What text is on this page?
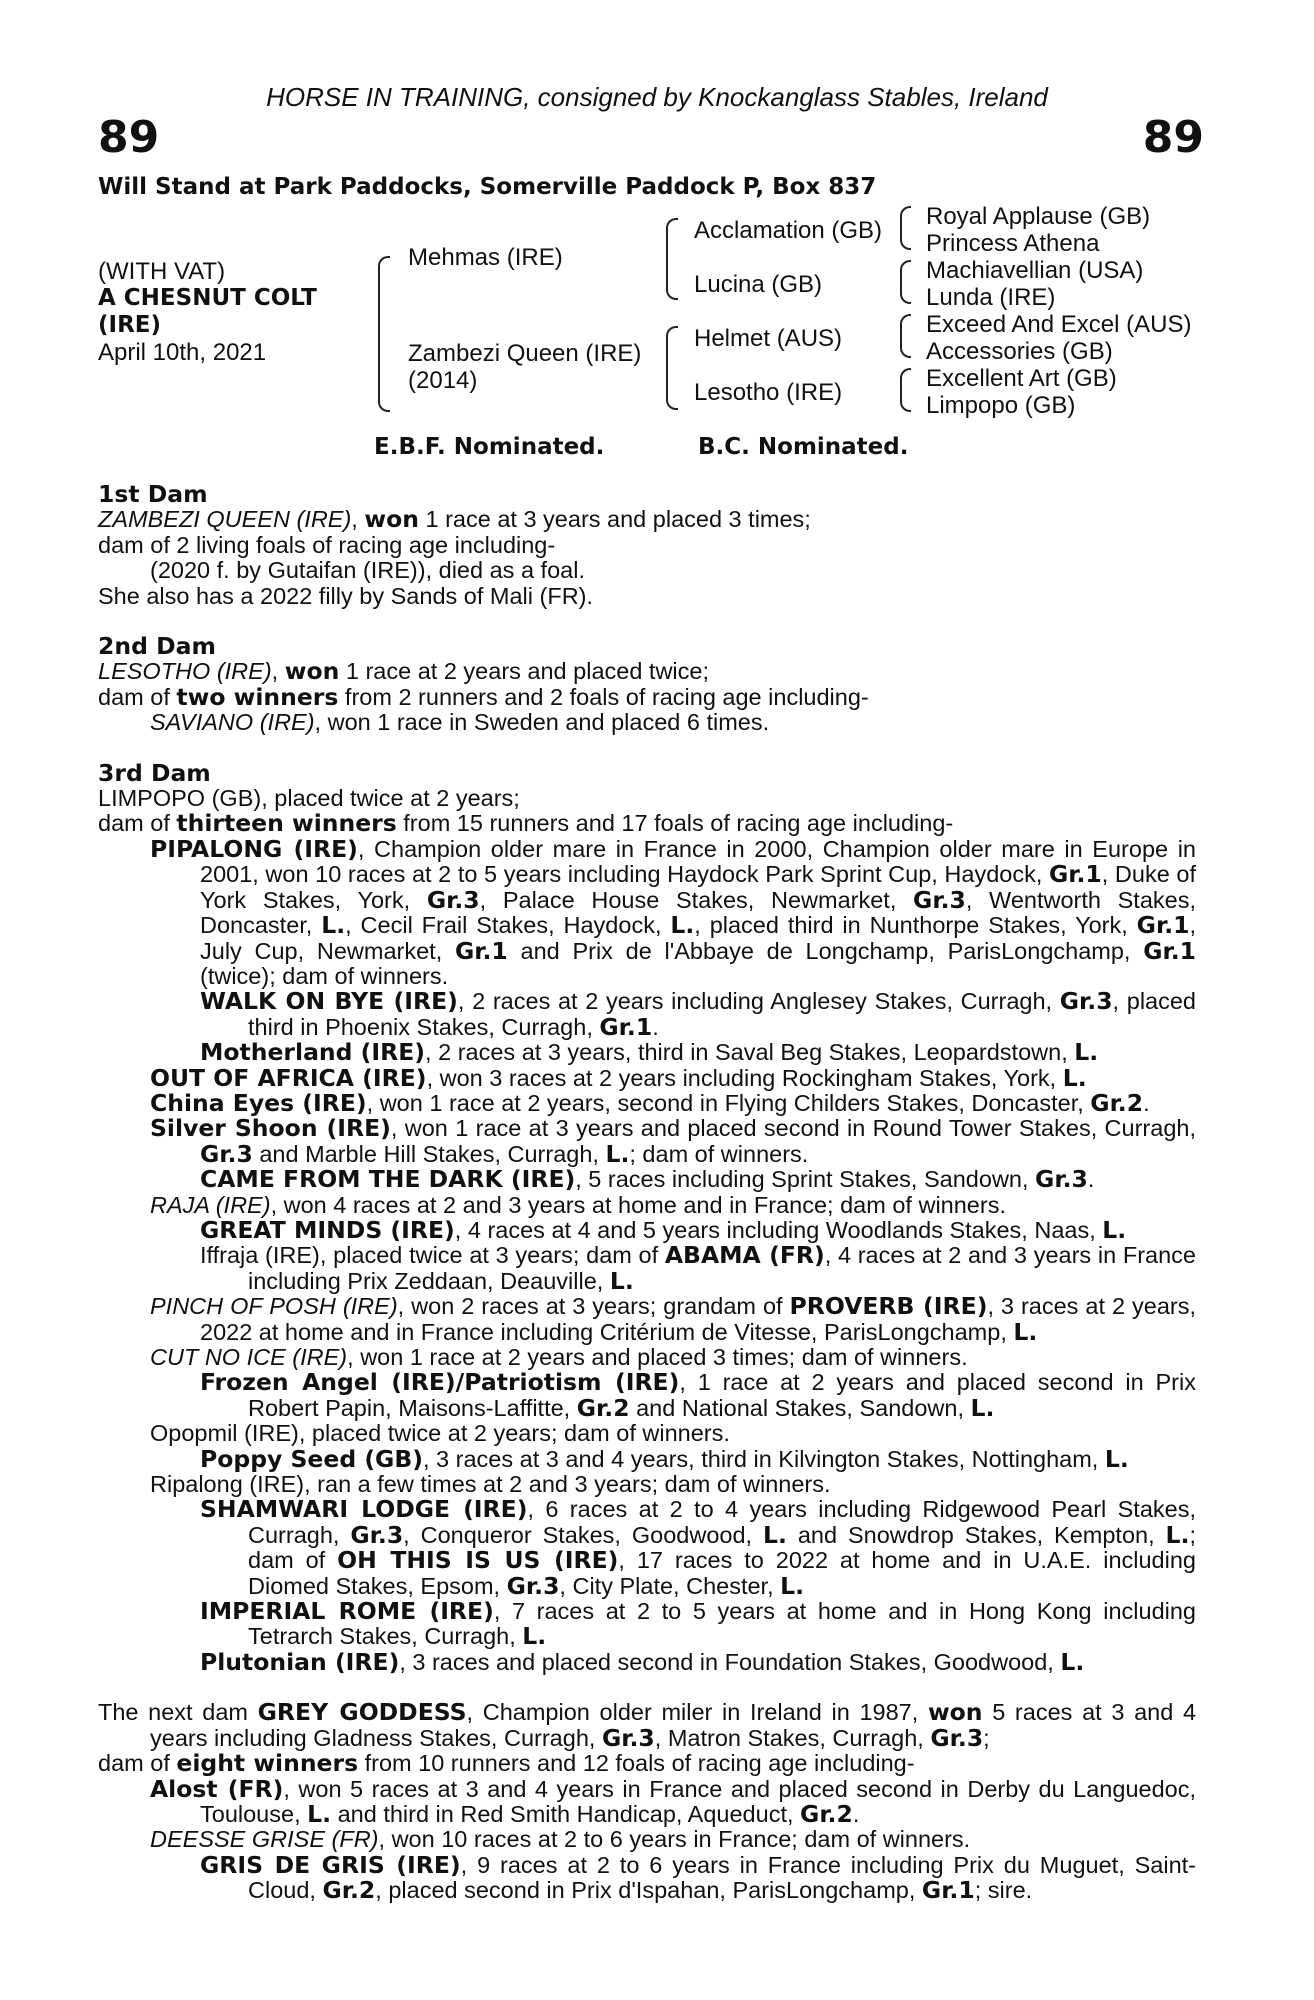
HORSE IN TRAINING, consigned by Knockanglass Stables, Ireland
89	89
Will Stand at Park Paddocks, Somerville Paddock P, Box 837
(WITH VAT)
A CHESNUT COLT
(IRE)
April 10th, 2021
Mehmas (IRE)
Zambezi Queen (IRE)
(2014)
Acclamation (GB)
Lucina (GB)
Helmet (AUS)
Lesotho (IRE)
Royal Applause (GB)
Princess Athena
Machiavellian (USA)
Lunda (IRE)
Exceed And Excel (AUS)
Accessories (GB)
Excellent Art (GB)
Limpopo (GB)
E.B.F. Nominated.	B.C. Nominated.

1st Dam

ZAMBEZI QUEEN (IRE), won 1 race at 3 years and placed 3 times;

dam of 2 living foals of racing age including-

(2020 f. by Gutaifan (IRE)), died as a foal.

She also has a 2022 filly by Sands of Mali (FR).

2nd Dam

LESOTHO (IRE), won 1 race at 2 years and placed twice;

dam of two winners from 2 runners and 2 foals of racing age including-

SAVIANO (IRE), won 1 race in Sweden and placed 6 times.

3rd Dam

LIMPOPO (GB), placed twice at 2 years;

dam of thirteen winners from 15 runners and 17 foals of racing age including-

PIPALONG (IRE), Champion older mare in France in 2000, Champion older mare in Europe in 2001, won 10 races at 2 to 5 years including Haydock Park Sprint Cup, Haydock, Gr.1, Duke of York Stakes, York, Gr.3, Palace House Stakes, Newmarket, Gr.3, Wentworth Stakes, Doncaster, L., Cecil Frail Stakes, Haydock, L., placed third in Nunthorpe Stakes, York, Gr.1, July Cup, Newmarket, Gr.1 and Prix de l'Abbaye de Longchamp, ParisLongchamp, Gr.1 (twice); dam of winners.

WALK ON BYE (IRE), 2 races at 2 years including Anglesey Stakes, Curragh, Gr.3, placed third in Phoenix Stakes, Curragh, Gr.1.

Motherland (IRE), 2 races at 3 years, third in Saval Beg Stakes, Leopardstown, L.

OUT OF AFRICA (IRE), won 3 races at 2 years including Rockingham Stakes, York, L.

China Eyes (IRE), won 1 race at 2 years, second in Flying Childers Stakes, Doncaster, Gr.2.

Silver Shoon (IRE), won 1 race at 3 years and placed second in Round Tower Stakes, Curragh, Gr.3 and Marble Hill Stakes, Curragh, L.; dam of winners.

CAME FROM THE DARK (IRE), 5 races including Sprint Stakes, Sandown, Gr.3.

RAJA (IRE), won 4 races at 2 and 3 years at home and in France; dam of winners.

GREAT MINDS (IRE), 4 races at 4 and 5 years including Woodlands Stakes, Naas, L.

Iffraja (IRE), placed twice at 3 years; dam of ABAMA (FR), 4 races at 2 and 3 years in France including Prix Zeddaan, Deauville, L.

PINCH OF POSH (IRE), won 2 races at 3 years; grandam of PROVERB (IRE), 3 races at 2 years, 2022 at home and in France including Critérium de Vitesse, ParisLongchamp, L.

CUT NO ICE (IRE), won 1 race at 2 years and placed 3 times; dam of winners.

Frozen Angel (IRE)/Patriotism (IRE), 1 race at 2 years and placed second in Prix Robert Papin, Maisons-Laffitte, Gr.2 and National Stakes, Sandown, L.

Opopmil (IRE), placed twice at 2 years; dam of winners.

Poppy Seed (GB), 3 races at 3 and 4 years, third in Kilvington Stakes, Nottingham, L.

Ripalong (IRE), ran a few times at 2 and 3 years; dam of winners.

SHAMWARI LODGE (IRE), 6 races at 2 to 4 years including Ridgewood Pearl Stakes, Curragh, Gr.3, Conqueror Stakes, Goodwood, L. and Snowdrop Stakes, Kempton, L.; dam of OH THIS IS US (IRE), 17 races to 2022 at home and in U.A.E. including Diomed Stakes, Epsom, Gr.3, City Plate, Chester, L.

IMPERIAL ROME (IRE), 7 races at 2 to 5 years at home and in Hong Kong including Tetrarch Stakes, Curragh, L.

Plutonian (IRE), 3 races and placed second in Foundation Stakes, Goodwood, L.

The next dam GREY GODDESS, Champion older miler in Ireland in 1987, won 5 races at 3 and 4 years including Gladness Stakes, Curragh, Gr.3, Matron Stakes, Curragh, Gr.3;

dam of eight winners from 10 runners and 12 foals of racing age including-

Alost (FR), won 5 races at 3 and 4 years in France and placed second in Derby du Languedoc, Toulouse, L. and third in Red Smith Handicap, Aqueduct, Gr.2.

DEESSE GRISE (FR), won 10 races at 2 to 6 years in France; dam of winners.

GRIS DE GRIS (IRE), 9 races at 2 to 6 years in France including Prix du Muguet, Saint-Cloud, Gr.2, placed second in Prix d'Ispahan, ParisLongchamp, Gr.1; sire.
